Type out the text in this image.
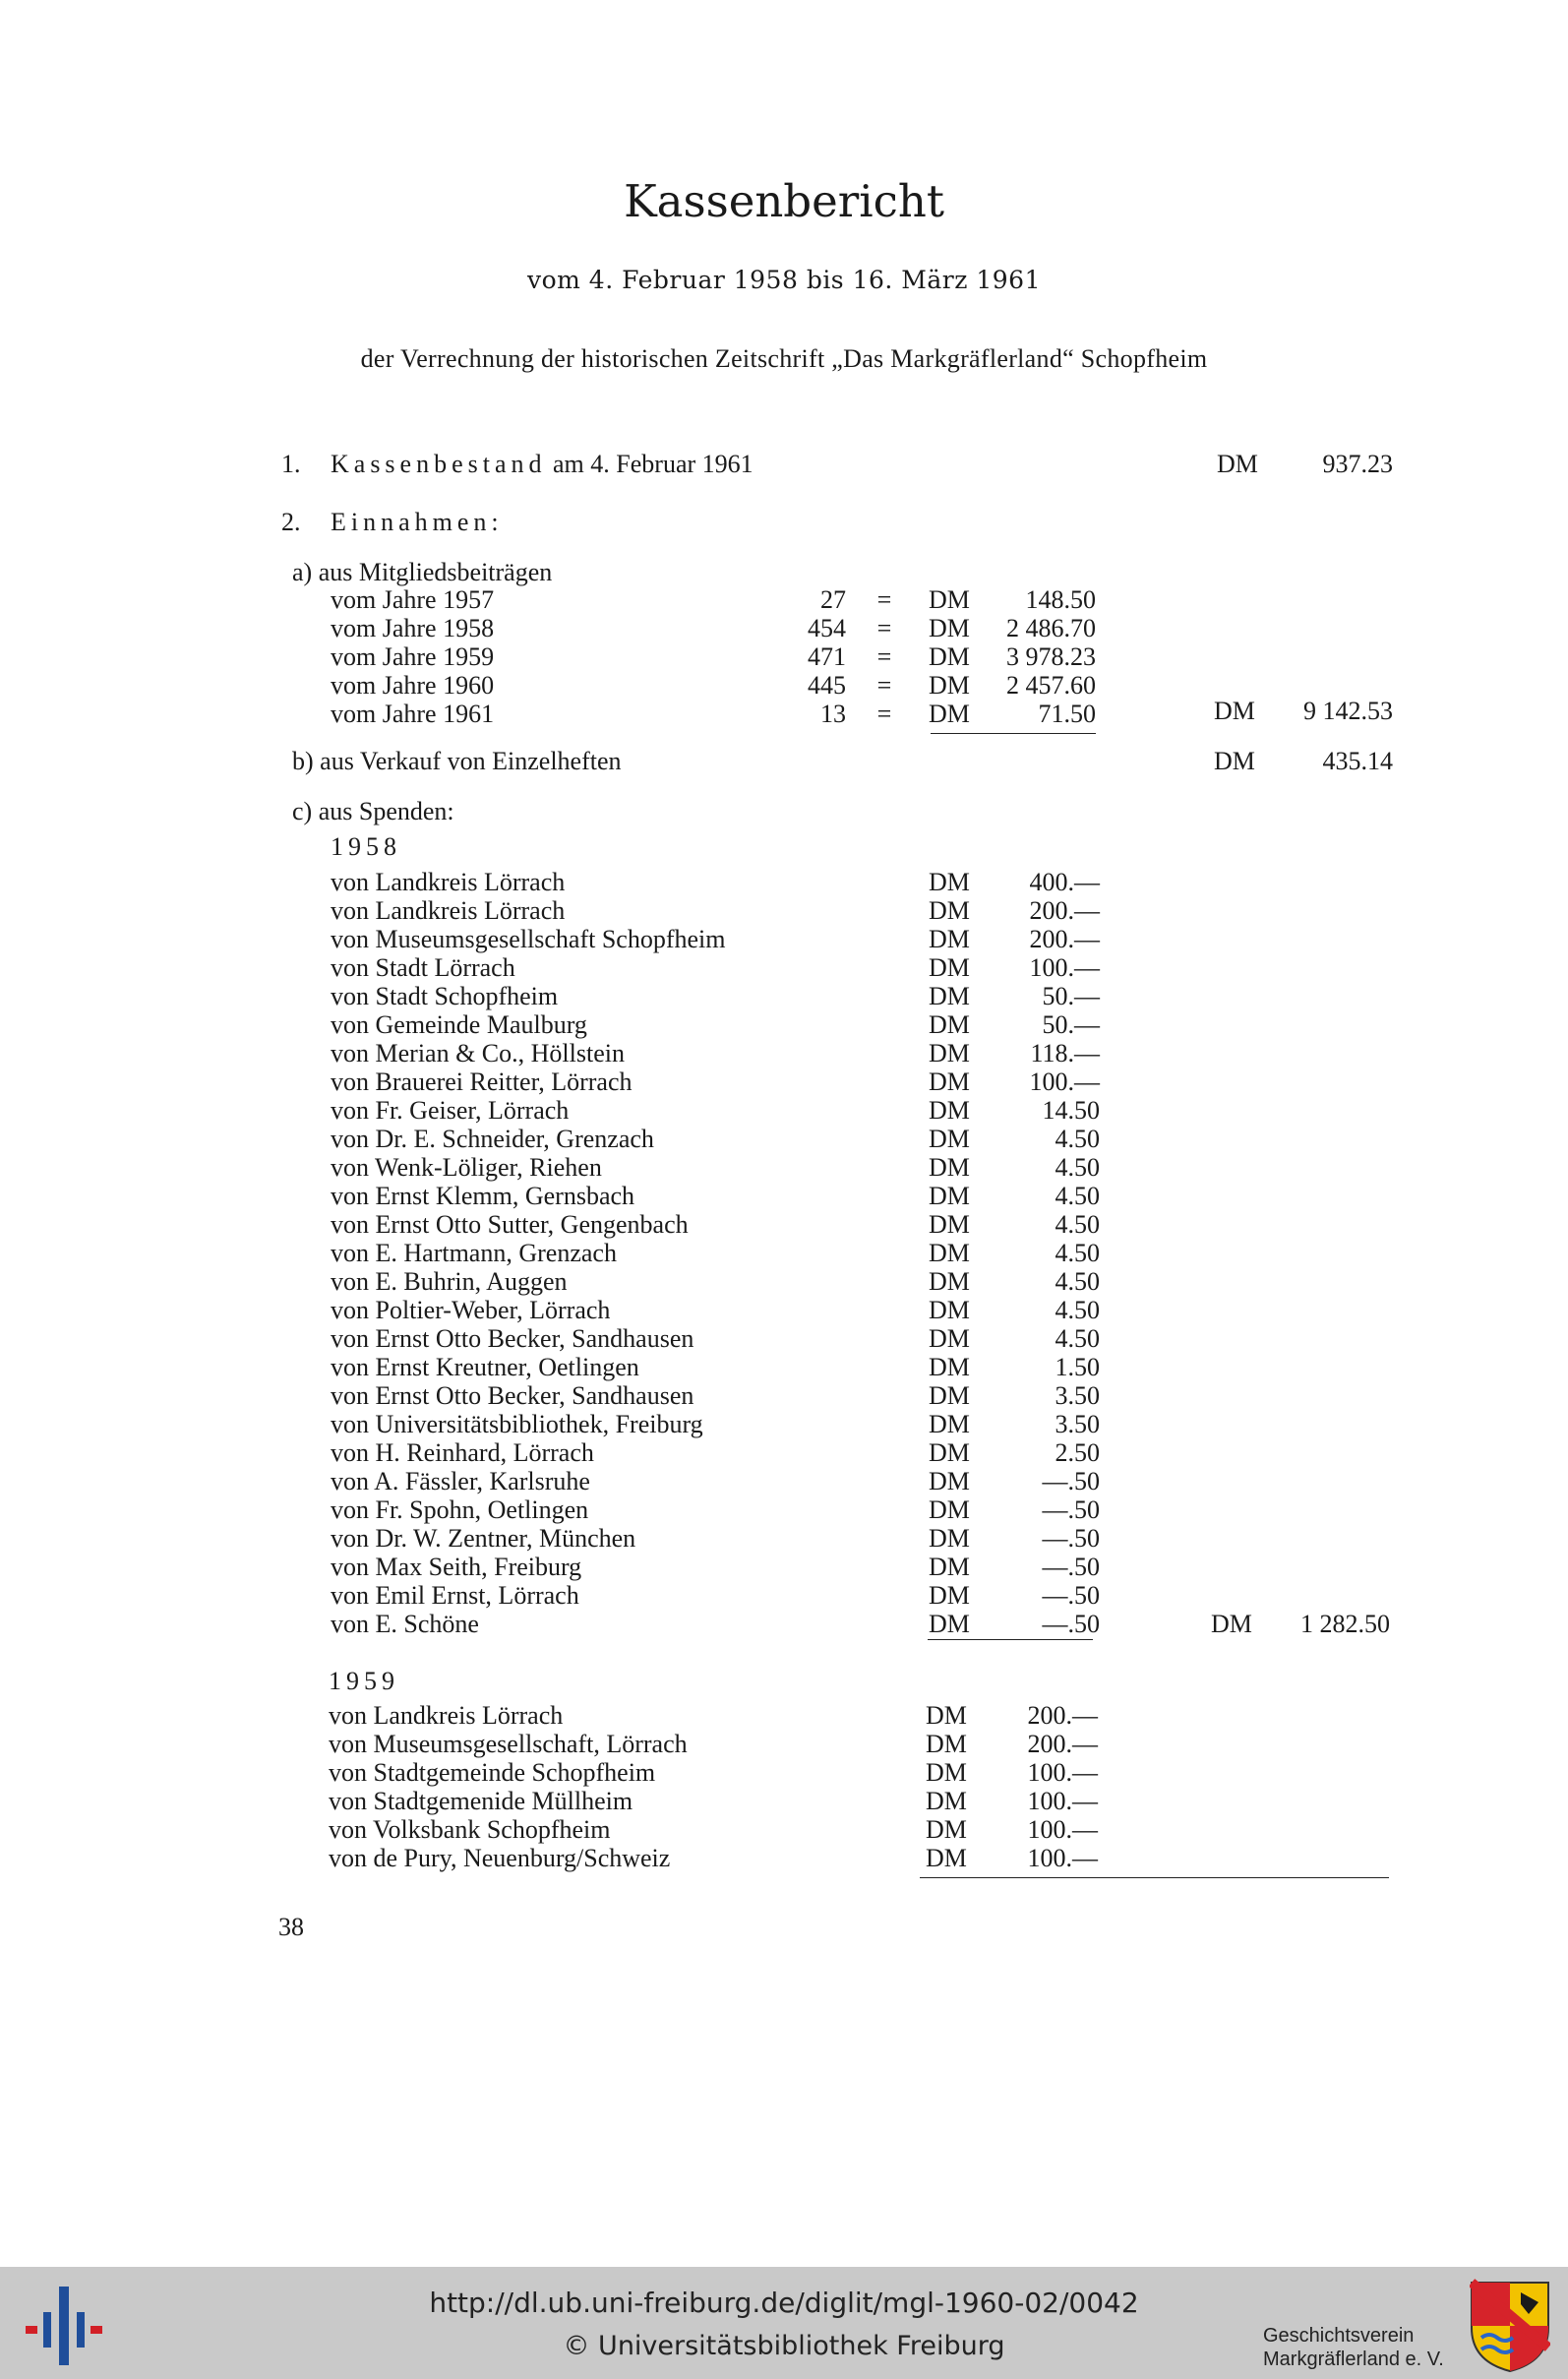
Kassenbericht
vom 4. Februar 1958 bis 16. März 1961
der Verrechnung der historischen Zeitschrift „Das Markgräflerland“ Schopfheim
1. Kassenbestand am 4. Februar 1961	DM	937.23
2. Einnahmen:
a) aus Mitgliedsbeiträgen
vom Jahre 1957	27 = DM	148.50
vom Jahre 1958	454 = DM	2 486.70
vom Jahre 1959	471 = DM	3 978.23
vom Jahre 1960	445 = DM	2 457.60
vom Jahre 1961	13 = DM	71.50	DM	9 142.53
b) aus Verkauf von Einzelheften	DM	435.14
c) aus Spenden:
1958
von Landkreis Lörrach	DM	400.—
von Landkreis Lörrach	DM	200.—
von Museumsgesellschaft Schopfheim	DM	200.—
von Stadt Lörrach	DM	100.—
von Stadt Schopfheim	DM	50.—
von Gemeinde Maulburg	DM	50.—
von Merian & Co., Höllstein	DM	118.—
von Brauerei Reitter, Lörrach	DM	100.—
von Fr. Geiser, Lörrach	DM	14.50
von Dr. E. Schneider, Grenzach	DM	4.50
von Wenk-Löliger, Riehen	DM	4.50
von Ernst Klemm, Gernsbach	DM	4.50
von Ernst Otto Sutter, Gengenbach	DM	4.50
von E. Hartmann, Grenzach	DM	4.50
von E. Buhrin, Auggen	DM	4.50
von Poltier-Weber, Lörrach	DM	4.50
von Ernst Otto Becker, Sandhausen	DM	4.50
von Ernst Kreutner, Oetlingen	DM	1.50
von Ernst Otto Becker, Sandhausen	DM	3.50
von Universitätsbibliothek, Freiburg	DM	3.50
von H. Reinhard, Lörrach	DM	2.50
von A. Fässler, Karlsruhe	DM	—.50
von Fr. Spohn, Oetlingen	DM	—.50
von Dr. W. Zentner, München	DM	—.50
von Max Seith, Freiburg	DM	—.50
von Emil Ernst, Lörrach	DM	—.50
von E. Schöne	DM	—.50	DM	1 282.50
1959
von Landkreis Lörrach	DM	200.—
von Museumsgesellschaft, Lörrach	DM	200.—
von Stadtgemeinde Schopfheim	DM	100.—
von Stadtgemenide Müllheim	DM	100.—
von Volksbank Schopfheim	DM	100.—
von de Pury, Neuenburg/Schweiz	DM	100.—
38
http://dl.ub.uni-freiburg.de/diglit/mgl-1960-02/0042
© Universitätsbibliothek Freiburg	Geschichtsverein
Markgräflerland e. V.
